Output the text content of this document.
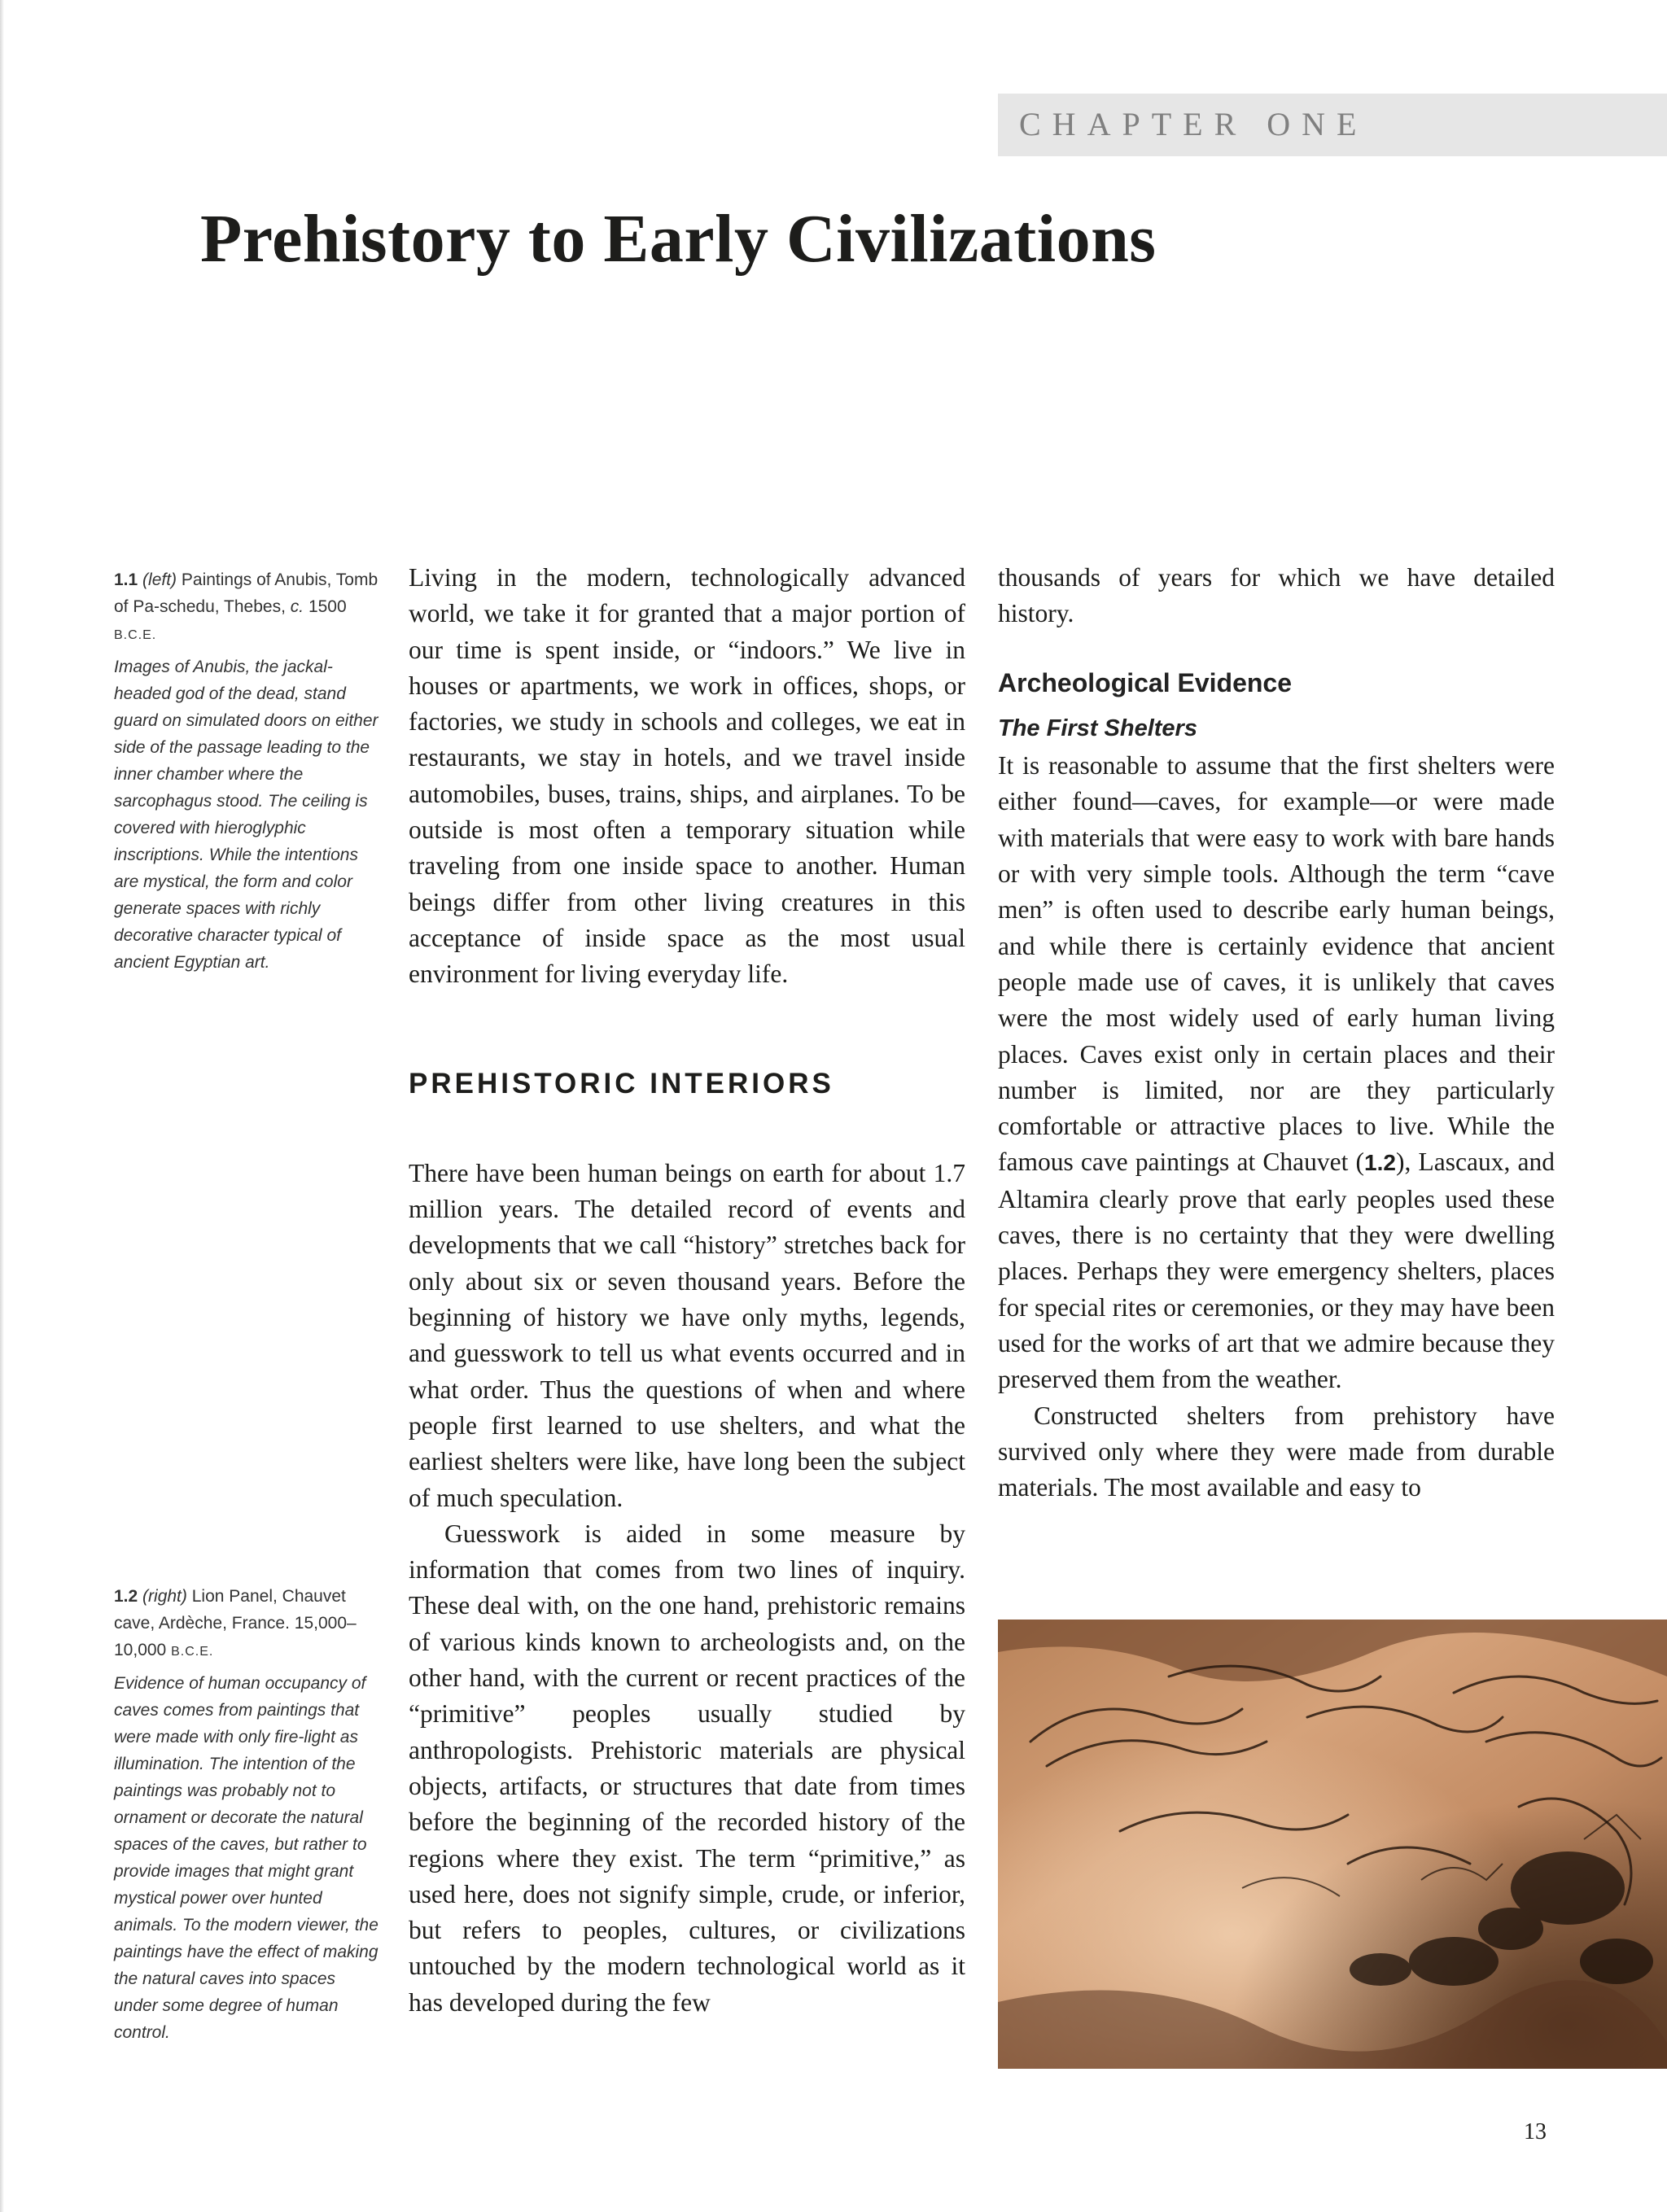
CHAPTER ONE
Prehistory to Early Civilizations

1.1 (left) Paintings of Anubis, Tomb of Pa-schedu, Thebes, c. 1500 B.C.E.

Images of Anubis, the jackal-headed god of the dead, stand guard on simulated doors on either side of the passage leading to the inner chamber where the sarcophagus stood. The ceiling is covered with hieroglyphic inscriptions. While the intentions are mystical, the form and color generate spaces with richly decorative character typical of ancient Egyptian art.

1.2 (right) Lion Panel, Chauvet cave, Ardèche, France. 15,000–10,000 B.C.E.

Evidence of human occupancy of caves comes from paintings that were made with only fire-light as illumination. The intention of the paintings was probably not to ornament or decorate the natural spaces of the caves, but rather to provide images that might grant mystical power over hunted animals. To the modern viewer, the paintings have the effect of making the natural caves into spaces under some degree of human control.

Living in the modern, technologically advanced world, we take it for granted that a major portion of our time is spent inside, or “indoors.” We live in houses or apartments, we work in offices, shops, or factories, we study in schools and colleges, we eat in restaurants, we stay in hotels, and we travel inside automobiles, buses, trains, ships, and airplanes. To be outside is most often a temporary situation while traveling from one inside space to another. Human beings differ from other living creatures in this acceptance of inside space as the most usual environment for living everyday life.

PREHISTORIC INTERIORS

There have been human beings on earth for about 1.7 million years. The detailed record of events and developments that we call “history” stretches back for only about six or seven thousand years. Before the beginning of history we have only myths, legends, and guesswork to tell us what events occurred and in what order. Thus the questions of when and where people first learned to use shelters, and what the earliest shelters were like, have long been the subject of much speculation.

Guesswork is aided in some measure by information that comes from two lines of inquiry. These deal with, on the one hand, prehistoric remains of various kinds known to archeologists and, on the other hand, with the current or recent practices of the “primitive” peoples usually studied by anthropologists. Prehistoric materials are physical objects, artifacts, or structures that date from times before the beginning of the recorded history of the regions where they exist. The term “primitive,” as used here, does not signify simple, crude, or inferior, but refers to peoples, cultures, or civilizations untouched by the modern technological world as it has developed during the few

thousands of years for which we have detailed history.

Archeological Evidence
The First Shelters

It is reasonable to assume that the first shelters were either found—caves, for example—or were made with materials that were easy to work with bare hands or with very simple tools. Although the term “cave men” is often used to describe early human beings, and while there is certainly evidence that ancient people made use of caves, it is unlikely that caves were the most widely used of early human living places. Caves exist only in certain places and their number is limited, nor are they particularly comfortable or attractive places to live. While the famous cave paintings at Chauvet (1.2), Lascaux, and Altamira clearly prove that early peoples used these caves, there is no certainty that they were dwelling places. Perhaps they were emergency shelters, places for special rites or ceremonies, or they may have been used for the works of art that we admire because they preserved them from the weather.

Constructed shelters from prehistory have survived only where they were made from durable materials. The most available and easy to

13
